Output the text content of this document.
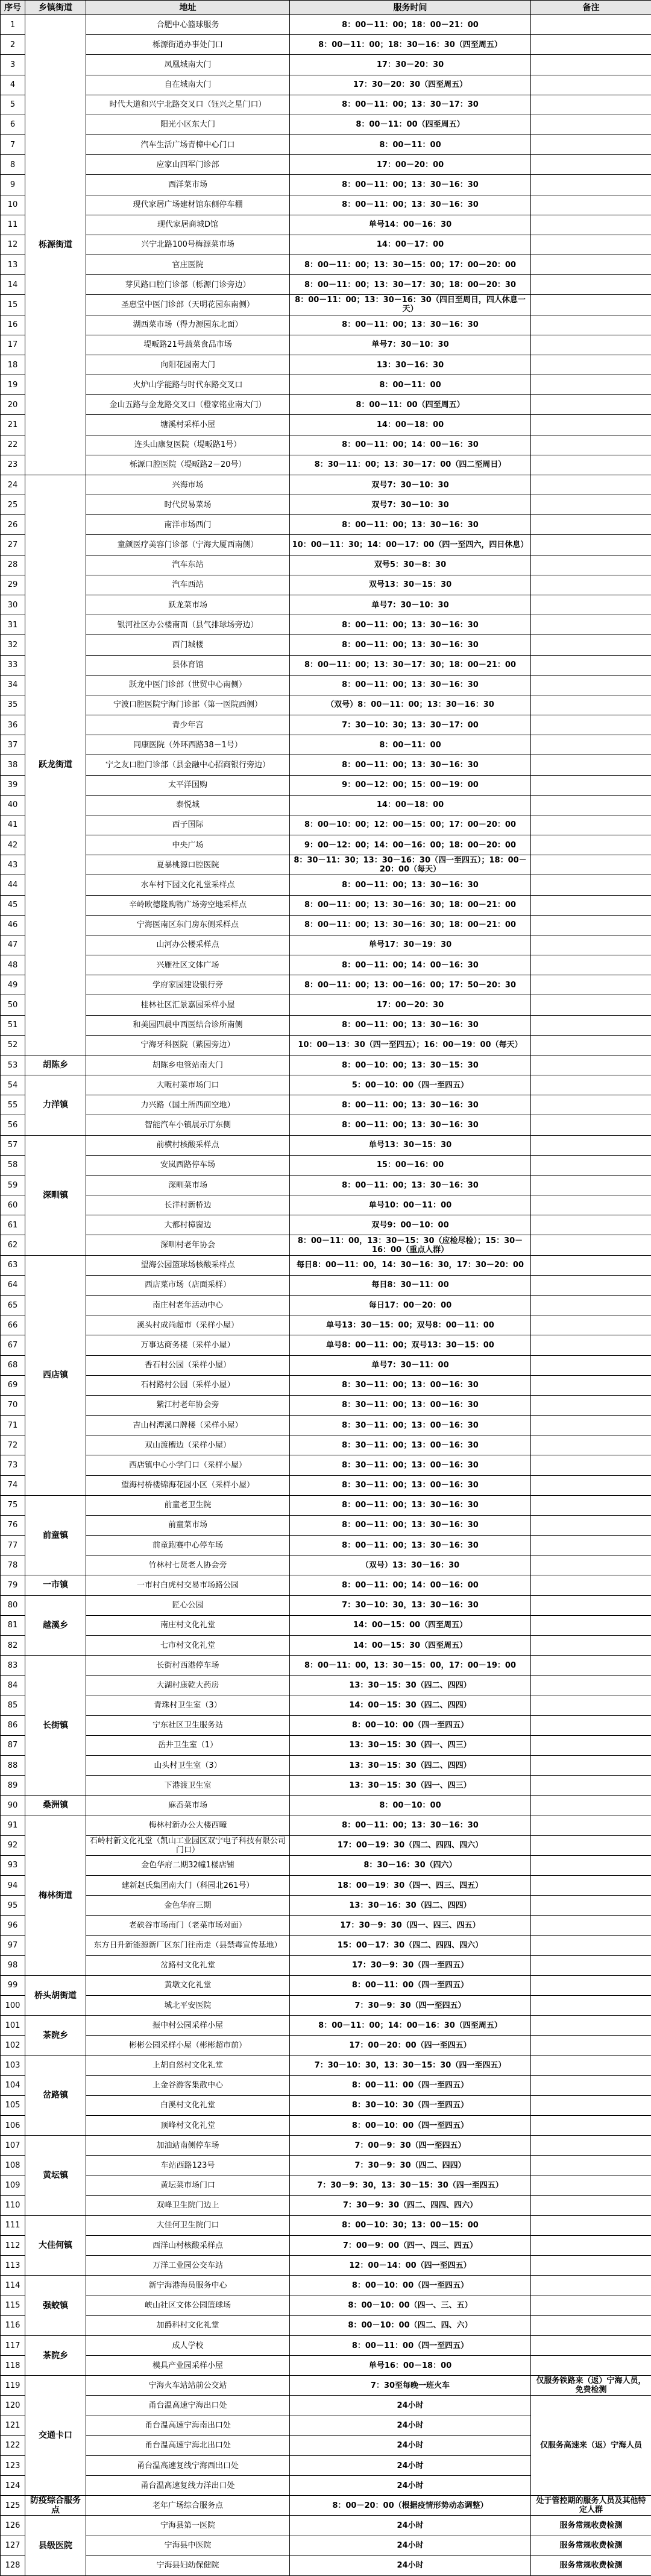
序号	乡镇街道	地址	服务时间	备注
1	栎源街道	合肥中心篮球服务	8：00－11：00；18：00－21：00	
2		栎源街道办事处门口	8：00－11：00；18：30－16：30（四至周五）	
3		凤凰城南大门	17：30－20：30	
4		自在城南大门	17：30－20：30（四至周五）	
5		时代大道和兴宁北路交叉口（钰兴之星门口）	8：00－11：00；13：30－17：30	
6		阳光小区东大门	8：00－11：00（四至周五）	
7		汽车生活广场青樟中心门口	8：00－11：00	
8		应家山四军门诊部	17：00－20：00	
9		西洋菜市场	8：00－11：00；13：30－16：30	
10		现代家居广场建材馆东侧停车棚	8：00－11：00；13：30－16：30	
11		现代家居商城D馆	单号14：00－16：30	
12		兴宁北路100号梅源菜市场	14：00－17：00	
13		官庄医院	8：00－11：00；13：30－15：00；17：00－20：00	
14		芽贝路口腔门诊部（栎源门诊旁边）	8：00－11：00；13：30－17：30；18：00－20：30	
15		圣惠堂中医门诊部（天明花园东南侧）	8：00－11：00；13：30－16：30（四日至周日，四人休息一天）	
16		湖西菜市场（得力源园东北面）	8：00－11：00；13：30－16：30	
17		堤畈路21号蔬菜食品市场	单号7：30－10：30	
18		向阳花园南大门	13：30－16：30	
19		火炉山学能路与时代东路交叉口	8：00－11：00	
20		金山五路与金龙路交叉口（橙家铭业南大门）	8：00－11：00（四至周五）	
21		塘溪村采样小屋	14：00－18：00	
22		连头山康复医院（堤畈路1号）	8：00－11：00；14：00－16：30	
23		栎源口腔医院（堤畈路2－20号）	8：30－11：00；13：30－17：00（四二至周日）	
24	跃龙街道	兴海市场	双号7：30－10：30	
25		时代贸易菜场	双号7：30－10：30	
26		南洋市场西门	8：00－11：00；13：30－16：30	
27		童颜医疗美容门诊部（宁海大厦西南侧）	10：00－11：30；14：00－17：00（四一至四六，四日休息）	
28		汽车东站	双号5：30－8：30	
29		汽车西站	双号13：30－15：30	
30		跃龙菜市场	单号7：30－10：30	
31		银河社区办公楼南面（县气排球场旁边）	8：00－11：00；13：30－16：30	
32		西门城楼	8：00－11：00；13：30－16：30	
33		县体育馆	8：00－11：00；13：30－17：30；18：00－21：00	
34		跃龙中医门诊部（世贸中心南侧）	8：00－11：00；13：30－16：30	
35		宁波口腔医院宁海门诊部（第一医院西侧）	（双号）8：00－11：00；13：30－16：30	
36		青少年宫	7：30－10：30；13：30－17：00	
37		同康医院（外环西路38－1号）	8：00－11：00	
38		宁之友口腔门诊部（县金融中心招商银行旁边）	8：00－11：00；13：30－16：30	
39		太平洋国购	9：00－12：00；15：00－19：00	
40		泰悦城	14：00－18：00	
41		西子国际	8：00－10：00；12：00－15：00；17：00－20：00	
42		中央广场	9：00－12：00；14：00－16：00；18：00－20：00	
43		夏暴桃源口腔医院	8：30－11：30；13：30－16：30（四一至四五）；18：00－20：00（每天）	
44		水车村下园文化礼堂采样点	8：00－11：00；13：30－16：30	
45		辛岭欧德隆购物广场旁空地采样点	8：00－11：00；13：30－16：30；18：00－21：00	
46		宁海医南区东门房东侧采样点	8：00－11：00；13：30－16：30；18：00－21：00	
47		山河办公楼采样点	单号17：30－19：30	
48		兴雁社区文体广场	8：00－11：00；14：00－16：30	
49		学府家园建设银行旁	8：00－11：00；13：00－16：00；17：50－20：30	
50		桂林社区汇景嘉园采样小屋	17：00－20：30	
51		和美园四晨中西医结合诊所南侧	8：00－11：00；13：30－16：30	
52		宁海牙科医院（紫园旁边）	10：00－13：30（四一至四五）；16：00－19：00（每天）	
53	胡陈乡	胡陈乡电管站南大门	8：00－10：00；13：30－15：30	
54	力洋镇	大畈村菜市场门口	5：00－10：00（四一至四五）	
55		力兴路（国土所西面空地）	8：00－11：00；13：30－16：30	
56		智能汽车小镇展示厅东侧	8：00－11：00；13：30－16：30	
57	深甽镇	前横村核酸采样点	单号13：30－15：30	
58		安岚西路停车场	15：00－16：00	
59		深甽菜市场	8：00－11：00；13：30－16：30	
60		长洋村新桥边	单号10：00－11：00	
61		大都村樟窗边	双号9：00－10：00	
62		深甽村老年协会	8：00－11：00，13：30－15：30（应检尽检）；15：30－16：00（重点人群）	
63	西店镇	望海公园篮球场核酸采样点	每日8：00－11：00，14：30－16：30，17：30－20：00	
64		西店菜市场（店面采样）	每日8：30－11：00	
65		南庄村老年活动中心	每日17：00－20：00	
66		溪头村成尚超市（采样小屋）	单号13：30－15：00；双号8：00－11：00	
67		万事达商务楼（采样小屋）	单号8：00－11：00；双号13：30－15：00	
68		香石村公园（采样小屋）	单号7：30－11：00	
69		石村路村公园（采样小屋）	8：30－11：00；13：00－16：30	
70		紫江村老年协会旁	8：30－11：00；13：00－16：30	
71		吉山村潭溪口牌楼（采样小屋）	8：30－11：00；13：00－16：30	
72		双山渡槽边（采样小屋）	8：30－11：00；13：00－16：30	
73		西店镇中心小学门口（采样小屋）	8：30－11：00；13：00－16：30	
74		望海村桥楼锦海花园小区（采样小屋）	8：30－11：00；13：00－16：30	
75	前童镇	前童老卫生院	8：00－11：00；13：30－16：30	
76		前童菜市场	8：00－11：00；13：30－16：30	
77		前童跑赛中心停车场	8：00－11：00；13：30－16：30	
78		竹林村七贤老人协会旁	（双号）13：30－16：30	
79	一市镇	一市村白虎村交易市场路公园	8：00－11：00；14：00－16：00	
80	越溪乡	匠心公园	7：30－10：30，13：30－16：30	
81		南庄村文化礼堂	14：00－15：00（四至周五）	
82		七市村文化礼堂	14：00－15：30（四至周五）	
83	长街镇	长街村西港停车场	8：00－11：00，13：30－15：00，17：00－19：00	
84		大湖村康乾大药房	13：30－15：30（四二、四四）	
85		青珠村卫生室（3）	14：00－15：30（四二、四四）	
86		宁东社区卫生服务站	8：00－10：00（四一至四五）	
87		岳井卫生室（1）	13：30－15：30（四一、四三）	
88		山头村卫生室（3）	13：30－15：30（四二、四四）	
89		下港渡卫生室	13：30－15：30（四一、四三）	
90	桑洲镇	麻岙菜市场	8：00－10：00	
91	梅林街道	梅林村新办公大楼西疃	8：00－11：00；13：30－16：30	
92		石岭村新文化礼堂（凯山工业园区双宁电子科技有限公司门口）	17：00－19：30（四二、四四、四六）	
93		金色华府二期32幢1楼店铺	8：30－16：30（四六）	
94		建新赵氏集团南大门（科园北261号）	18：00－19：30（四一、四三、四五）	
95		金色华府三期	13：30－16：30（四二、四四）	
96		老硖谷市场南门（老菜市场对面）	17：30－9：30（四一、四三、四五）	
97		东方日升新能源新厂区东门往南走（县禁毒宣传基地）	15：00－17：30（四二、四四、四六）	
98		岔路村文化礼堂	17：30－9：30（四一至四五）	
99	桥头胡街道	黄墩文化礼堂	8：00－11：00（四一至四五）	
100		城北平安医院	7：30－9：30（四一至四五）	
101	茶院乡	振中村公园采样小屋	8：00－11：00；14：00－16：30（四至周五）	
102		彬彬公园采样小屋（彬彬超市前）	17：00－20：00（四一至四五）	
103	岔路镇	上胡自然村文化礼堂	7：30－10：30，13：30－15：30（四一至四五）	
104		上金谷游客集散中心	8：00－11：00（四一至四五）	
105		白溪村文化礼堂	8：30－10：30（四一至四五）	
106		顶峰村文化礼堂	8：00－10：00（四一至四五）	
107	黄坛镇	加油站南侧停车场	7：00－9：30（四一至四五）	
108		车站西路123号	7：30－9：30（四二、四四）	
109		黄坛菜市场门口	7：30－9：30，13：30－15：30（四一至四五）	
110		双峰卫生院门边上	7：30－9：30（四二、四四、四六）	
111	大佳何镇	大佳何卫生院门口	8：00－10：30；13：00－15：00	
112		西洋山村核酸采样点	7：00－9：00（四一、四三、四五）	
113		万洋工业园公交车站	12：00－14：00（四一至四五）	
114	强蛟镇	新宁海港海员服务中心	8：00－10：00（四一至四五）	
115		峡山社区文体公园篮球场	8：00－10：00（四一、三、五）	
116		加爵科村文化礼堂	8：00－10：00（四二、四、六）	
117	茶院乡	成人学校	8：00－11：00（四一至四五）	
118		模具产业园采样小屋	单号16：00－18：00	
119	交通卡口	宁海火车站站前公交站	7：30至每晚一班火车	仅服务铁路来（返）宁海人员，免费检测
120		甬台温高速宁海出口处	24小时	仅服务高速来（返）宁海人员
121		甬台温高速宁海南出口处	24小时	
122		甬台温高速宁海北出口处	24小时	
123		甬台温高速复线宁海西出口处	24小时	
124		甬台温高速复线力洋出口处	24小时	
125	防疫综合服务点	老年广场综合服务点	8：00－20：00（根据疫情形势动态调整）	处于管控期的服务人员及其他特定人群
126	县级医院	宁海县第一医院	24小时	服务常规收费检测
127		宁海县中医院	24小时	服务常规收费检测
128		宁海县妇幼保健院	24小时	服务常规收费检测
